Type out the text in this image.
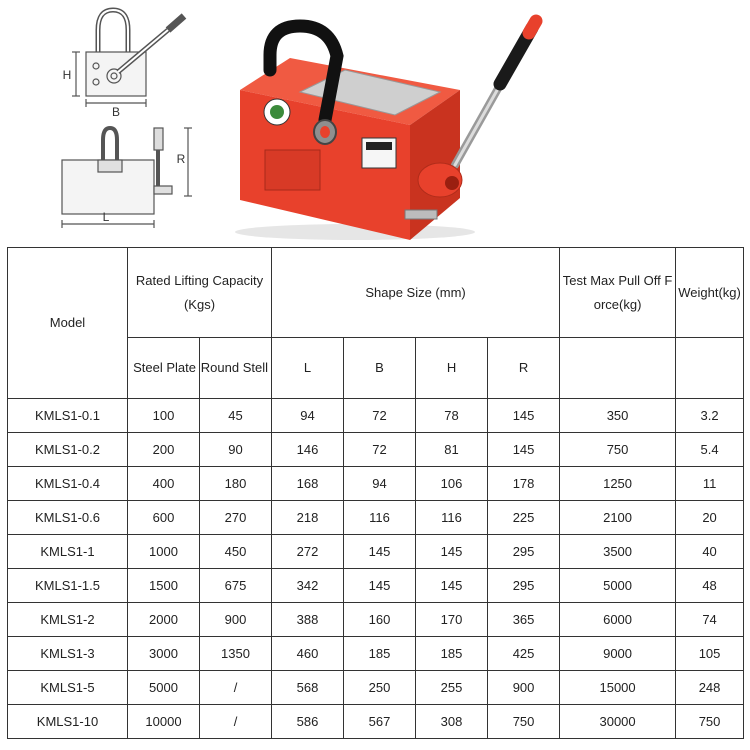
H
B
L
R
Model	Rated Lifting Capacity (Kgs)		Shape Size (mm)				Test Max Pull Off Force(kg)	Weight(kg)
	Steel Plate	Round Stell	L	B	H	R		
KMLS1-0.1	100	45	94	72	78	145	350	3.2
KMLS1-0.2	200	90	146	72	81	145	750	5.4
KMLS1-0.4	400	180	168	94	106	178	1250	11
KMLS1-0.6	600	270	218	116	116	225	2100	20
KMLS1-1	1000	450	272	145	145	295	3500	40
KMLS1-1.5	1500	675	342	145	145	295	5000	48
KMLS1-2	2000	900	388	160	170	365	6000	74
KMLS1-3	3000	1350	460	185	185	425	9000	105
KMLS1-5	5000	/	568	250	255	900	15000	248
KMLS1-10	10000	/	586	567	308	750	30000	750
